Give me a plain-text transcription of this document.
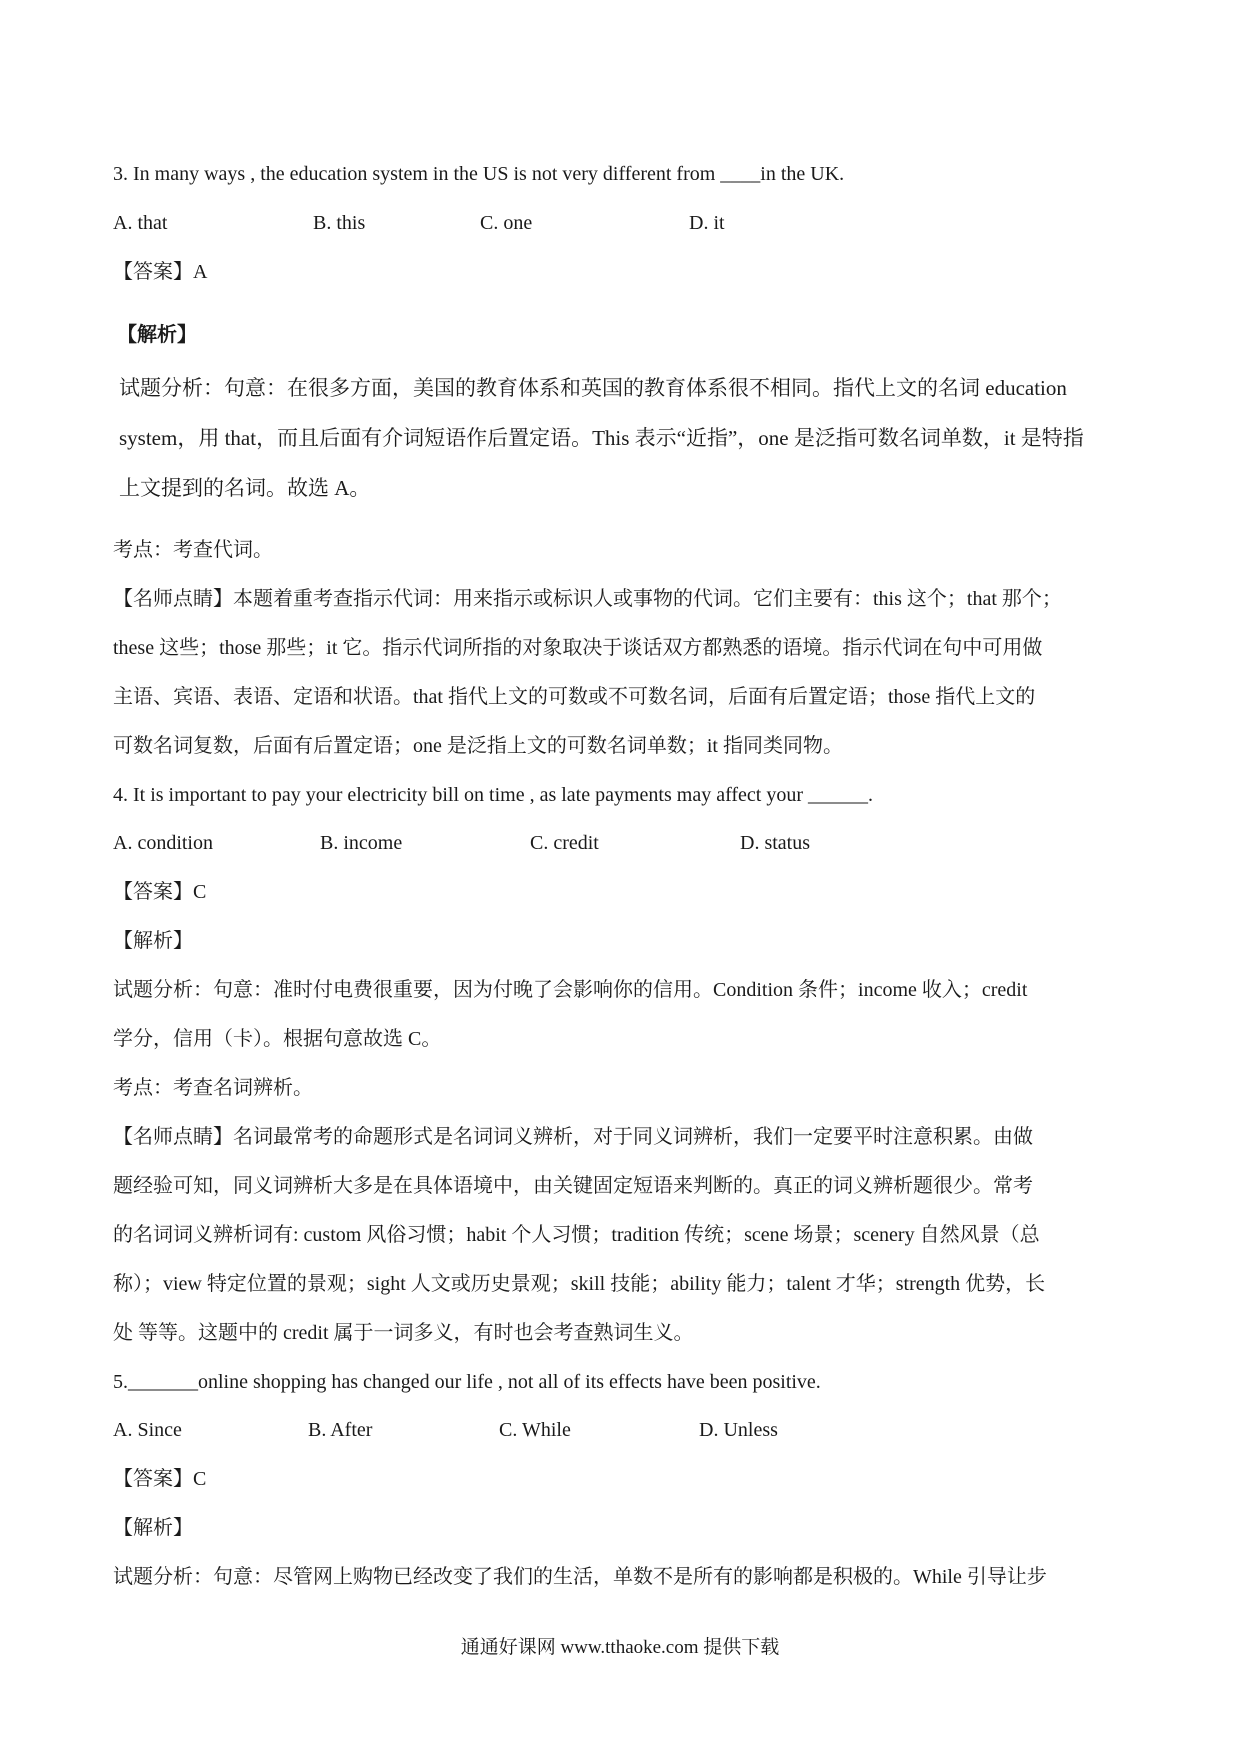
3. In many ways , the education system in the US is not very different from ____in the UK.
A. that	B. this	C. one	D. it
【答案】A
【解析】
试题分析：句意：在很多方面，美国的教育体系和英国的教育体系很不相同。指代上文的名词 education
system，用 that，而且后面有介词短语作后置定语。This 表示“近指”，one 是泛指可数名词单数，it 是特指
上文提到的名词。故选 A。
考点：考查代词。
【名师点睛】本题着重考查指示代词：用来指示或标识人或事物的代词。它们主要有：this 这个；that 那个；
these 这些；those 那些；it 它。指示代词所指的对象取决于谈话双方都熟悉的语境。指示代词在句中可用做
主语、宾语、表语、定语和状语。that 指代上文的可数或不可数名词，后面有后置定语；those 指代上文的
可数名词复数，后面有后置定语；one 是泛指上文的可数名词单数；it 指同类同物。
4. It is important to pay your electricity bill on time , as late payments may affect your ______.
A. condition	B. income	C. credit	D. status
【答案】C
【解析】
试题分析：句意：准时付电费很重要，因为付晚了会影响你的信用。Condition 条件；income 收入；credit
学分，信用（卡）。根据句意故选 C。
考点：考查名词辨析。
【名师点睛】名词最常考的命题形式是名词词义辨析，对于同义词辨析，我们一定要平时注意积累。由做
题经验可知，同义词辨析大多是在具体语境中，由关键固定短语来判断的。真正的词义辨析题很少。常考
的名词词义辨析词有: custom 风俗习惯；habit 个人习惯；tradition 传统；scene 场景；scenery 自然风景（总
称）；view 特定位置的景观；sight 人文或历史景观；skill 技能；ability 能力；talent 才华；strength 优势，长
处 等等。这题中的 credit 属于一词多义，有时也会考查熟词生义。
5._______online shopping has changed our life , not all of its effects have been positive.
A. Since	B. After	C. While	D. Unless
【答案】C
【解析】
试题分析：句意：尽管网上购物已经改变了我们的生活，单数不是所有的影响都是积极的。While 引导让步
通通好课网 www.tthaoke.com 提供下载
